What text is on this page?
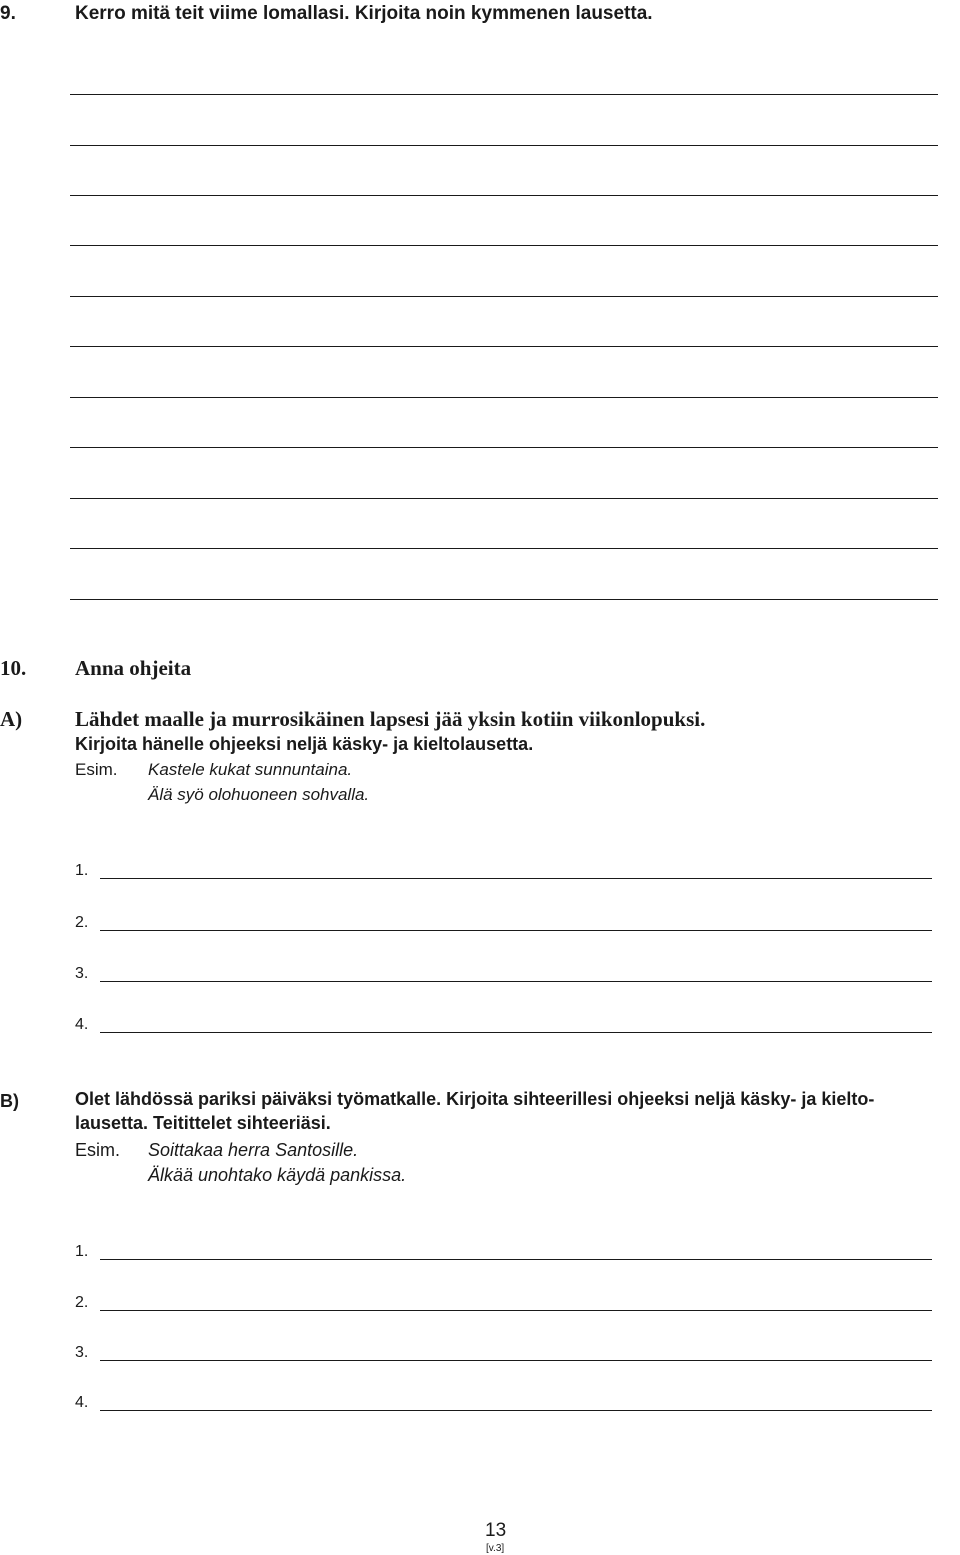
9.	Kerro mitä teit viime lomallasi. Kirjoita noin kymmenen lausetta.
10. Anna ohjeita
A)	Lähdet maalle ja murrosikäinen lapsesi jää yksin kotiin viikonlopuksi.
Kirjoita hänelle ohjeeksi neljä käsky- ja kieltolausetta.
Esim. Kastele kukat sunnuntaina.
Älä syö olohuoneen sohvalla.
1.
2.
3.
4.
B)	Olet lähdössä pariksi päiväksi työmatkalle. Kirjoita sihteerillesi ohjeeksi neljä käsky- ja kielto-
lausetta. Teitittelet sihteeriäsi.
Esim. Soittakaa herra Santosille.
Älkää unohtako käydä pankissa.
1.
2.
3.
4.
13
[v.3]
